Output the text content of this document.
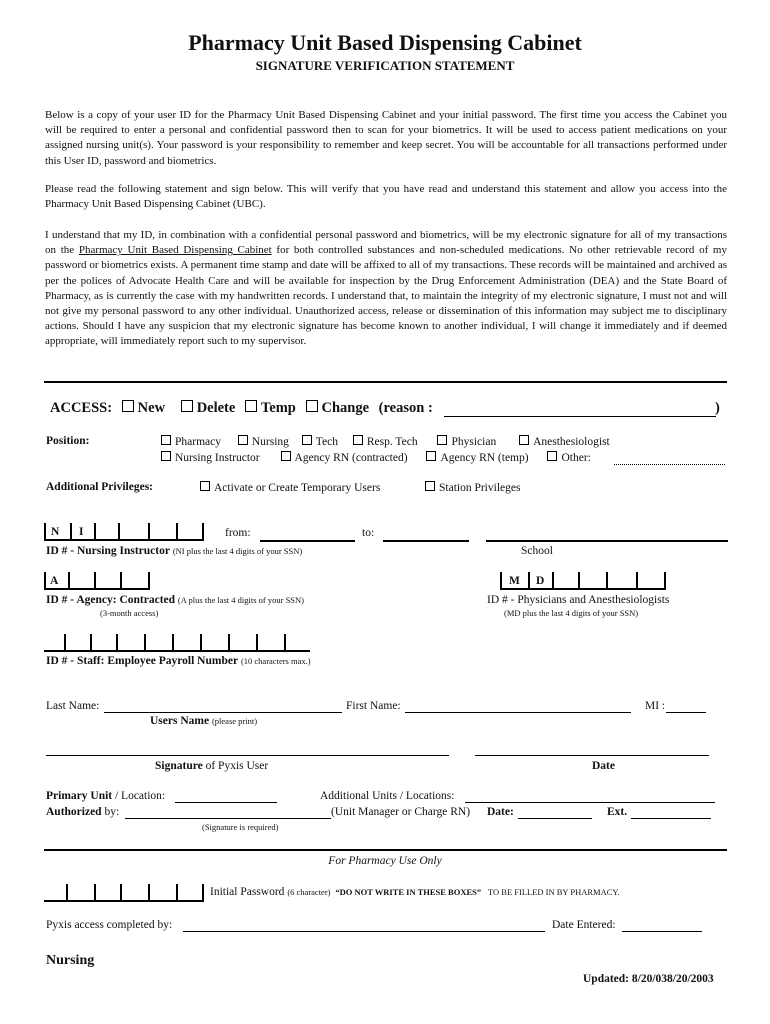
Pharmacy Unit Based Dispensing Cabinet
SIGNATURE VERIFICATION STATEMENT
Below is a copy of your user ID for the Pharmacy Unit Based Dispensing Cabinet and your initial password. The first time you access the Cabinet you will be required to enter a personal and confidential password then to scan for your biometrics. It will be used to access patient medications on your assigned nursing unit(s). Your password is your responsibility to remember and keep secret. You will be accountable for all transactions performed under this User ID, password and biometrics.
Please read the following statement and sign below. This will verify that you have read and understand this statement and allow you access into the Pharmacy Unit Based Dispensing Cabinet (UBC).
I understand that my ID, in combination with a confidential personal password and biometrics, will be my electronic signature for all of my transactions on the Pharmacy Unit Based Dispensing Cabinet for both controlled substances and non-scheduled medications. No other retrievable record of my password or biometrics exists. A permanent time stamp and date will be affixed to all of my transactions. These records will be maintained and archived as per the polices of Advocate Health Care and will be available for inspection by the Drug Enforcement Administration (DEA) and the State Board of Pharmacy, as is currently the case with my handwritten records. I understand that, to maintain the integrity of my electronic signature, I must not and will not give my personal password to any other individual. Unauthorized access, release or dissemination of this information may subject me to disciplinary actions. Should I have any suspicion that my electronic signature has become known to another individual, I will change it immediately and if deemed appropriate, will immediately report such to my supervisor.
ACCESS: New Delete Temp Change (reason :	)
Position:	Pharmacy	Nursing Tech	Resp. Tech	Physician	Anesthesiologist
Nursing Instructor	Agency RN (contracted)	Agency RN (temp)	Other:
Additional Privileges:	Activate or Create Temporary Users	Station Privileges
N I	from:	to:
ID # - Nursing Instructor (NI plus the last 4 digits of your SSN)	School
A	M D
ID # - Agency: Contracted (A plus the last 4 digits of your SSN)
(3-month access)
ID # - Physicians and Anesthesiologists
(MD plus the last 4 digits of your SSN)
ID # - Staff: Employee Payroll Number (10 characters max.)
Last Name:	First Name:	MI :
Users Name (please print)
Signature of Pyxis User	Date
Primary Unit / Location:	Additional Units / Locations:
Authorized by:	(Unit Manager or Charge RN) Date:	Ext.
(Signature is required)
For Pharmacy Use Only
Initial Password (6 character) “DO NOT WRITE IN THESE BOXES” TO BE FILLED IN BY PHARMACY.
Pyxis access completed by:	Date Entered:
Nursing
Updated: 8/20/038/20/2003
